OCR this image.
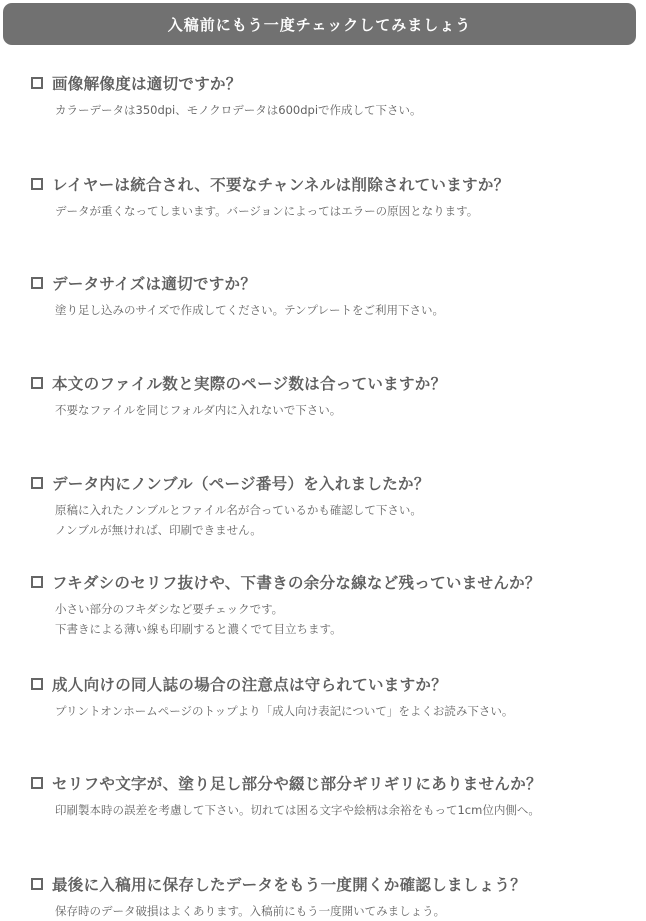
入稿前にもう一度チェックしてみましょう
画像解像度は適切ですか？
カラーデータは350dpi、モノクロデータは600dpiで作成して下さい。
レイヤーは統合され、不要なチャンネルは削除されていますか？
データが重くなってしまいます。バージョンによってはエラーの原因となります。
データサイズは適切ですか？
塗り足し込みのサイズで作成してください。テンプレートをご利用下さい。
本文のファイル数と実際のページ数は合っていますか？
不要なファイルを同じフォルダ内に入れないで下さい。
データ内にノンブル（ページ番号）を入れましたか？
原稿に入れたノンブルとファイル名が合っているかも確認して下さい。
ノンブルが無ければ、印刷できません。
フキダシのセリフ抜けや、下書きの余分な線など残っていませんか？
小さい部分のフキダシなど要チェックです。
下書きによる薄い線も印刷すると濃くでて目立ちます。
成人向けの同人誌の場合の注意点は守られていますか？
プリントオンホームページのトップより「成人向け表記について」をよくお読み下さい。
セリフや文字が、塗り足し部分や綴じ部分ギリギリにありませんか？
印刷製本時の誤差を考慮して下さい。切れては困る文字や絵柄は余裕をもって1cm位内側へ。
最後に入稿用に保存したデータをもう一度開くか確認しましょう？
保存時のデータ破損はよくあります。入稿前にもう一度開いてみましょう。
